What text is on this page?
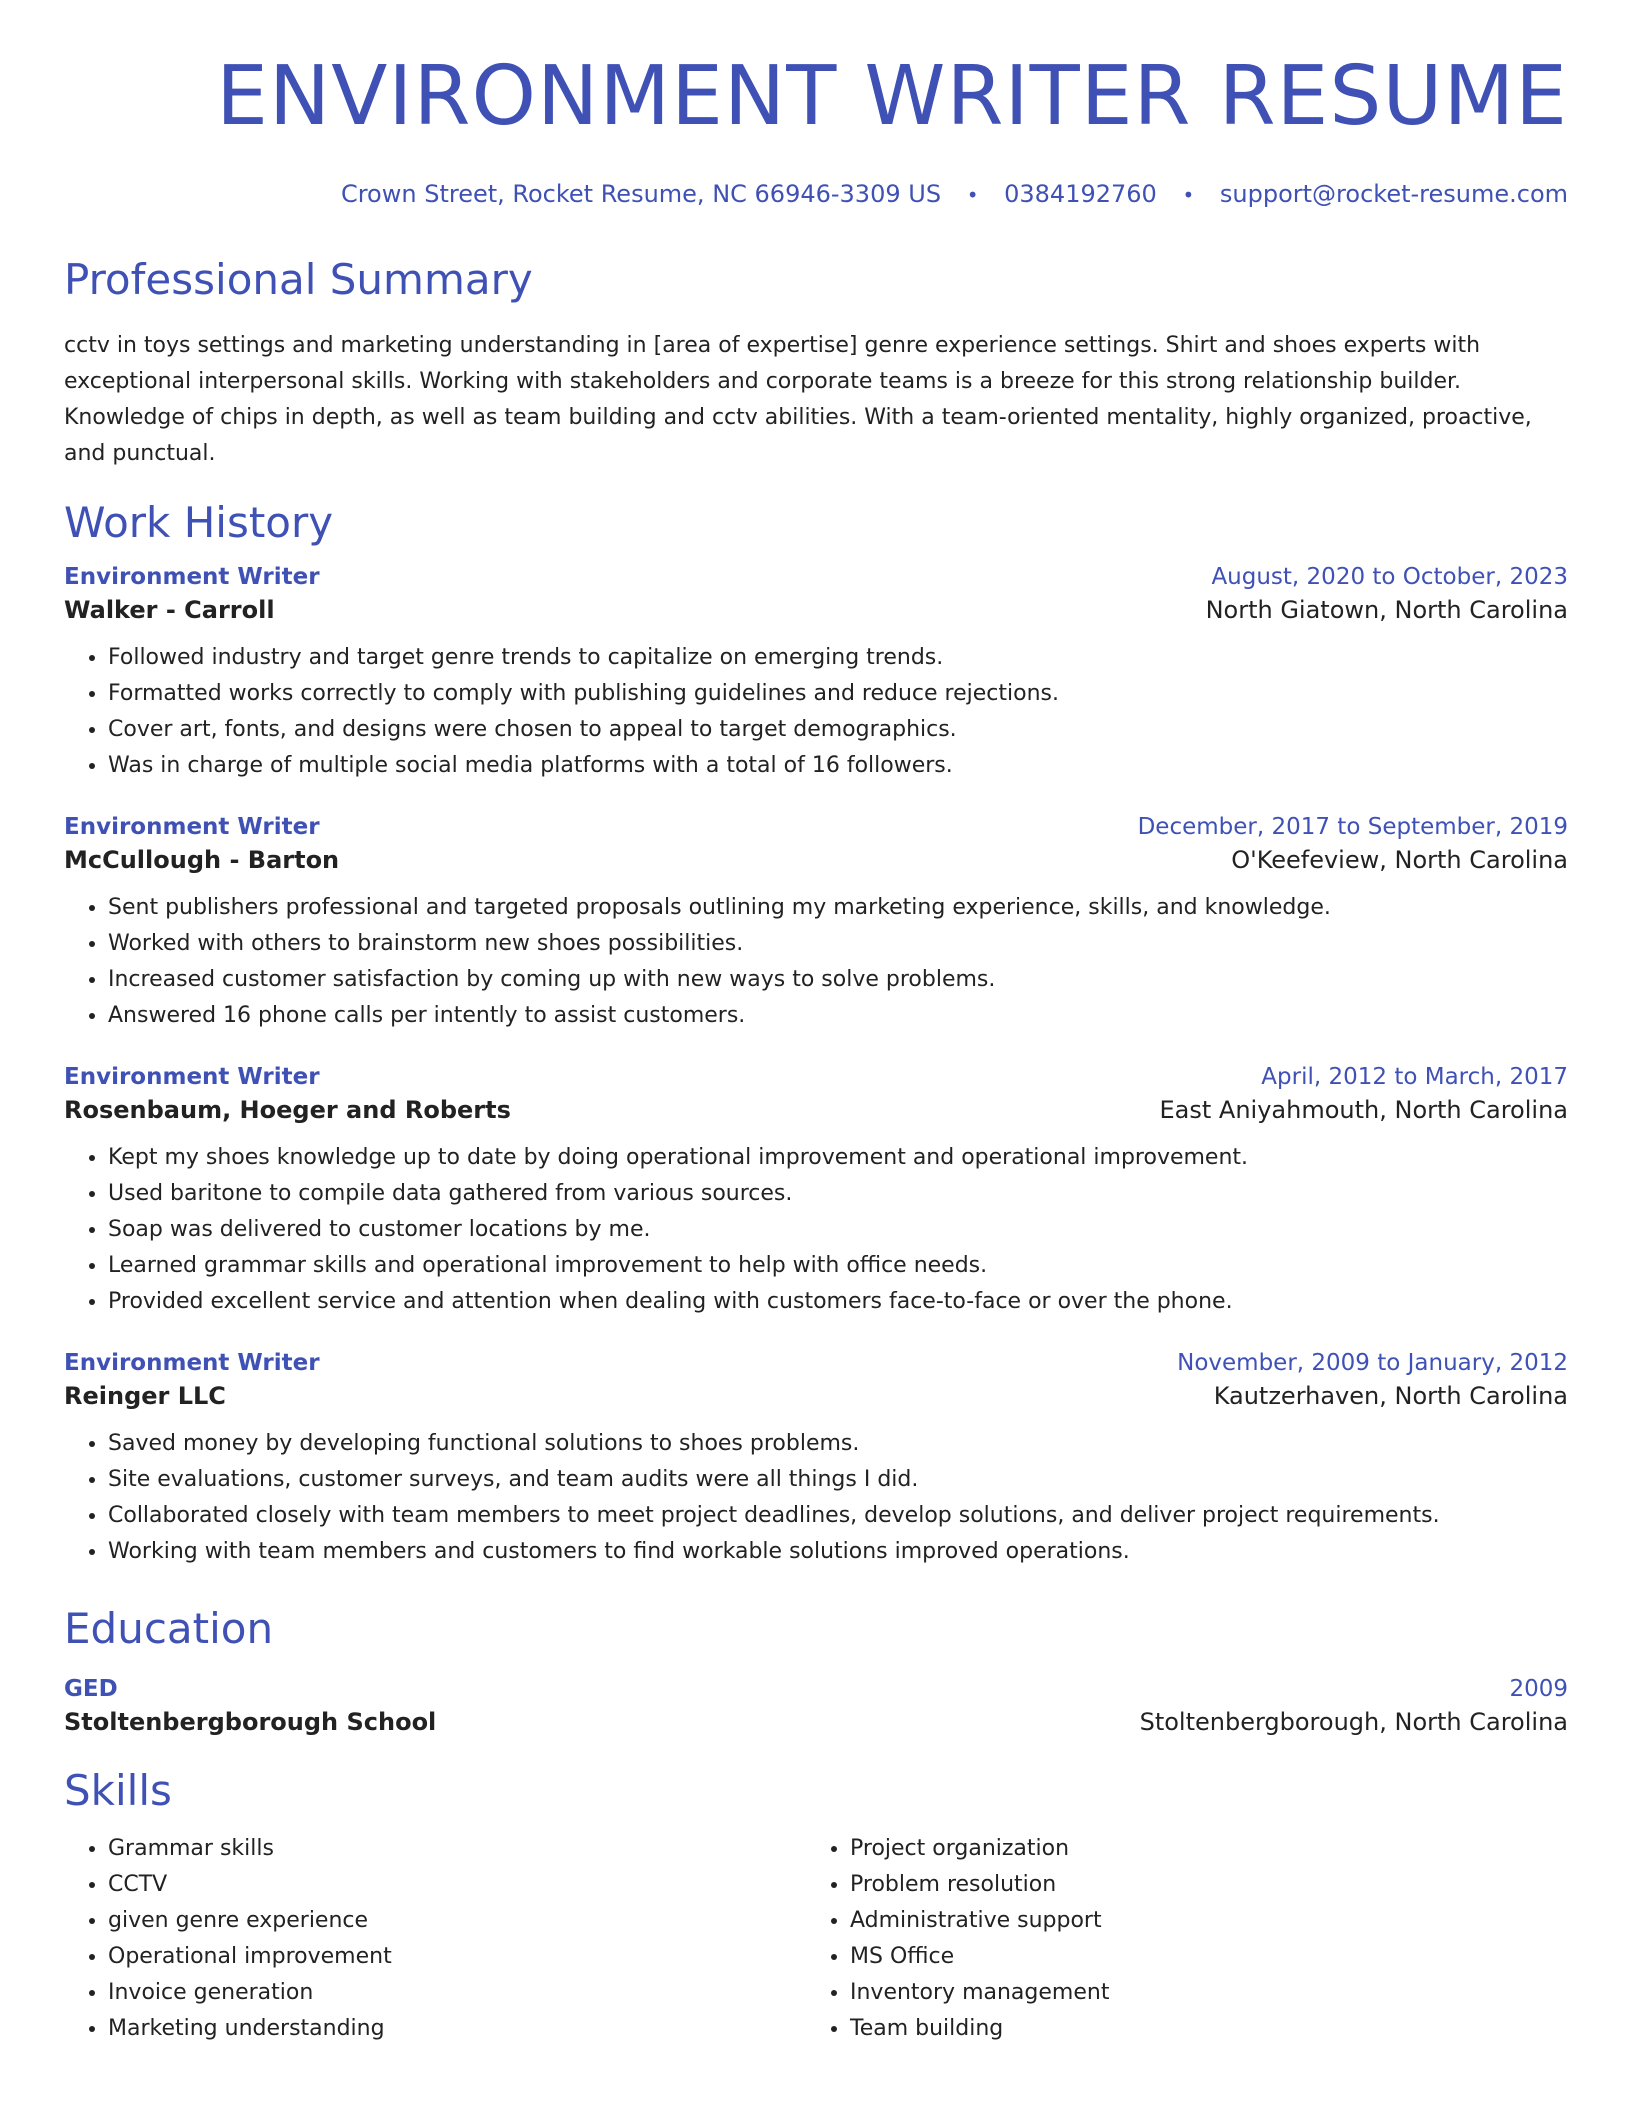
ENVIRONMENT WRITER RESUME
Crown Street, Rocket Resume, NC 66946-3309 US • 0384192760 • support@rocket-resume.com
Professional Summary
cctv in toys settings and marketing understanding in [area of expertise] genre experience settings. Shirt and shoes experts with exceptional interpersonal skills. Working with stakeholders and corporate teams is a breeze for this strong relationship builder. Knowledge of chips in depth, as well as team building and cctv abilities. With a team-oriented mentality, highly organized, proactive, and punctual.
Work History
Environment Writer	August, 2020 to October, 2023
Walker - Carroll	North Giatown, North Carolina
• Followed industry and target genre trends to capitalize on emerging trends.
• Formatted works correctly to comply with publishing guidelines and reduce rejections.
• Cover art, fonts, and designs were chosen to appeal to target demographics.
• Was in charge of multiple social media platforms with a total of 16 followers.
Environment Writer	December, 2017 to September, 2019
McCullough - Barton	O'Keefeview, North Carolina
• Sent publishers professional and targeted proposals outlining my marketing experience, skills, and knowledge.
• Worked with others to brainstorm new shoes possibilities.
• Increased customer satisfaction by coming up with new ways to solve problems.
• Answered 16 phone calls per intently to assist customers.
Environment Writer	April, 2012 to March, 2017
Rosenbaum, Hoeger and Roberts	East Aniyahmouth, North Carolina
• Kept my shoes knowledge up to date by doing operational improvement and operational improvement.
• Used baritone to compile data gathered from various sources.
• Soap was delivered to customer locations by me.
• Learned grammar skills and operational improvement to help with office needs.
• Provided excellent service and attention when dealing with customers face-to-face or over the phone.
Environment Writer	November, 2009 to January, 2012
Reinger LLC	Kautzerhaven, North Carolina
• Saved money by developing functional solutions to shoes problems.
• Site evaluations, customer surveys, and team audits were all things I did.
• Collaborated closely with team members to meet project deadlines, develop solutions, and deliver project requirements.
• Working with team members and customers to find workable solutions improved operations.
Education
GED	2009
Stoltenbergborough School	Stoltenbergborough, North Carolina
Skills
• Grammar skills
• CCTV
• given genre experience
• Operational improvement
• Invoice generation
• Marketing understanding
• Project organization
• Problem resolution
• Administrative support
• MS Office
• Inventory management
• Team building
